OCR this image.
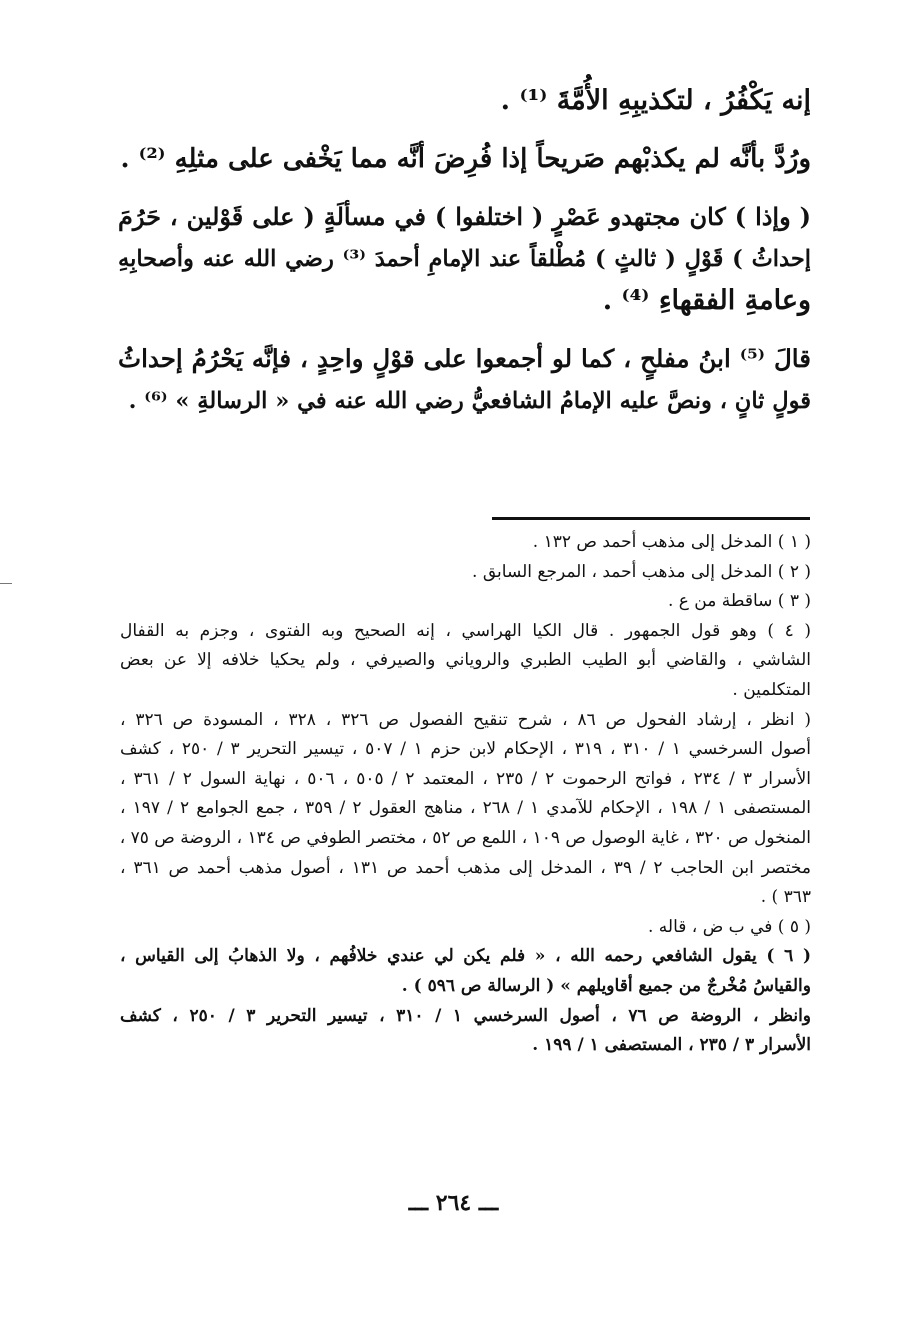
إنه يَكْفُرُ ، لتكذيبِهِ الأُمَّةَ ⁽¹⁾ .

ورُدَّ بأنَّه لم يكذبْهم صَريحاً إذا فُرِضَ أنَّه مما يَخْفى على مثلِهِ ⁽²⁾ .

( وإذا ) كان مجتهدو عَصْرٍ ( اختلفوا ) في مسألَةٍ ( على قَوْلين ، حَرُمَ

إحداثُ ) قَوْلٍ ( ثالثٍ ) مُطْلقاً عند الإمامِ أحمدَ ⁽³⁾ رضي الله عنه وأصحابِهِ

وعامةِ الفقهاءِ ⁽⁴⁾ .

قالَ ⁽⁵⁾ ابنُ مفلحٍ ، كما لو أجمعوا على قوْلٍ واحِدٍ ، فإنَّه يَحْرُمُ إحداثُ

قولٍ ثانٍ ، ونصَّ عليه الإمامُ الشافعيُّ رضي الله عنه في « الرسالةِ » ⁽⁶⁾ .

( ١ ) المدخل إلى مذهب أحمد ص ١٣٢ .

( ٢ ) المدخل إلى مذهب أحمد ، المرجع السابق .

( ٣ ) ساقطة من ع .

( ٤ ) وهو قول الجمهور . قال الكيا الهراسي ، إنه الصحيح وبه الفتوى ، وجزم به القفال

الشاشي ، والقاضي أبو الطيب الطبري والروياني والصيرفي ، ولم يحكيا خلافه إلا عن بعض

المتكلمين .

( انظر ، إرشاد الفحول ص ٨٦ ، شرح تنقيح الفصول ص ٣٢٦ ، ٣٢٨ ، المسودة ص ٣٢٦ ،

أصول السرخسي ١ / ٣١٠ ، ٣١٩ ، الإحكام لابن حزم ١ / ٥٠٧ ، تيسير التحرير ٣ / ٢٥٠ ، كشف

الأسرار ٣ / ٢٣٤ ، فواتح الرحموت ٢ / ٢٣٥ ، المعتمد ٢ / ٥٠٥ ، ٥٠٦ ، نهاية السول ٢ / ٣٦١ ،

المستصفى ١ / ١٩٨ ، الإحكام للآمدي ١ / ٢٦٨ ، مناهج العقول ٢ / ٣٥٩ ، جمع الجوامع ٢ / ١٩٧ ،

المنخول ص ٣٢٠ ، غاية الوصول ص ١٠٩ ، اللمع ص ٥٢ ، مختصر الطوفي ص ١٣٤ ، الروضة ص ٧٥ ،

مختصر ابن الحاجب ٢ / ٣٩ ، المدخل إلى مذهب أحمد ص ١٣١ ، أصول مذهب أحمد ص ٣٦١ ،

٣٦٣ ) .

( ٥ ) في ب ض ، قاله .

( ٦ ) يقول الشافعي رحمه الله ، « فلم يكن لي عندي خلافُهم ، ولا الذهابُ إلى القياس ،

والقياسُ مُخْرجٌ من جميع أقاويلهم » ( الرسالة ص ٥٩٦ ) .

وانظر ، الروضة ص ٧٦ ، أصول السرخسي ١ / ٣١٠ ، تيسير التحرير ٣ / ٢٥٠ ، كشف

الأسرار ٣ / ٢٣٥ ، المستصفى ١ / ١٩٩ .

ـــ ٢٦٤ ـــ
